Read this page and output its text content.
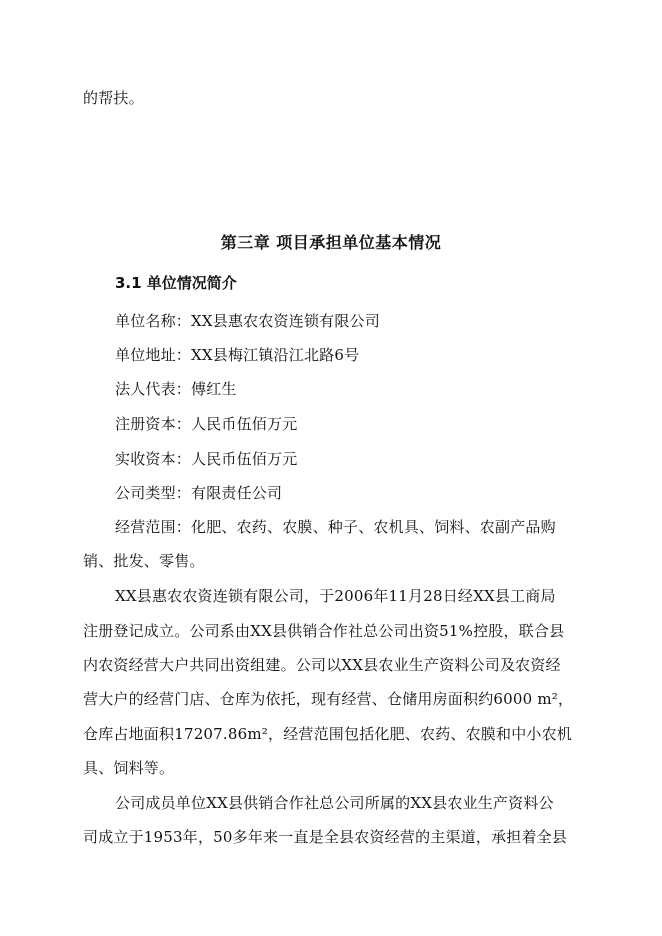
的帮扶。
第三章 项目承担单位基本情况
3.1 单位情况简介
单位名称：XX县惠农农资连锁有限公司
单位地址：XX县梅江镇沿江北路6号
法人代表：傅红生
注册资本：人民币伍佰万元
实收资本：人民币伍佰万元
公司类型：有限责任公司
经营范围：化肥、农药、农膜、种子、农机具、饲料、农副产品购
销、批发、零售。
XX县惠农农资连锁有限公司，于2006年11月28日经XX县工商局
注册登记成立。公司系由XX县供销合作社总公司出资51%控股，联合县
内农资经营大户共同出资组建。公司以XX县农业生产资料公司及农资经
营大户的经营门店、仓库为依托，现有经营、仓储用房面积约6000 m²，
仓库占地面积17207.86m²，经营范围包括化肥、农药、农膜和中小农机
具、饲料等。
公司成员单位XX县供销合作社总公司所属的XX县农业生产资料公
司成立于1953年，50多年来一直是全县农资经营的主渠道，承担着全县
